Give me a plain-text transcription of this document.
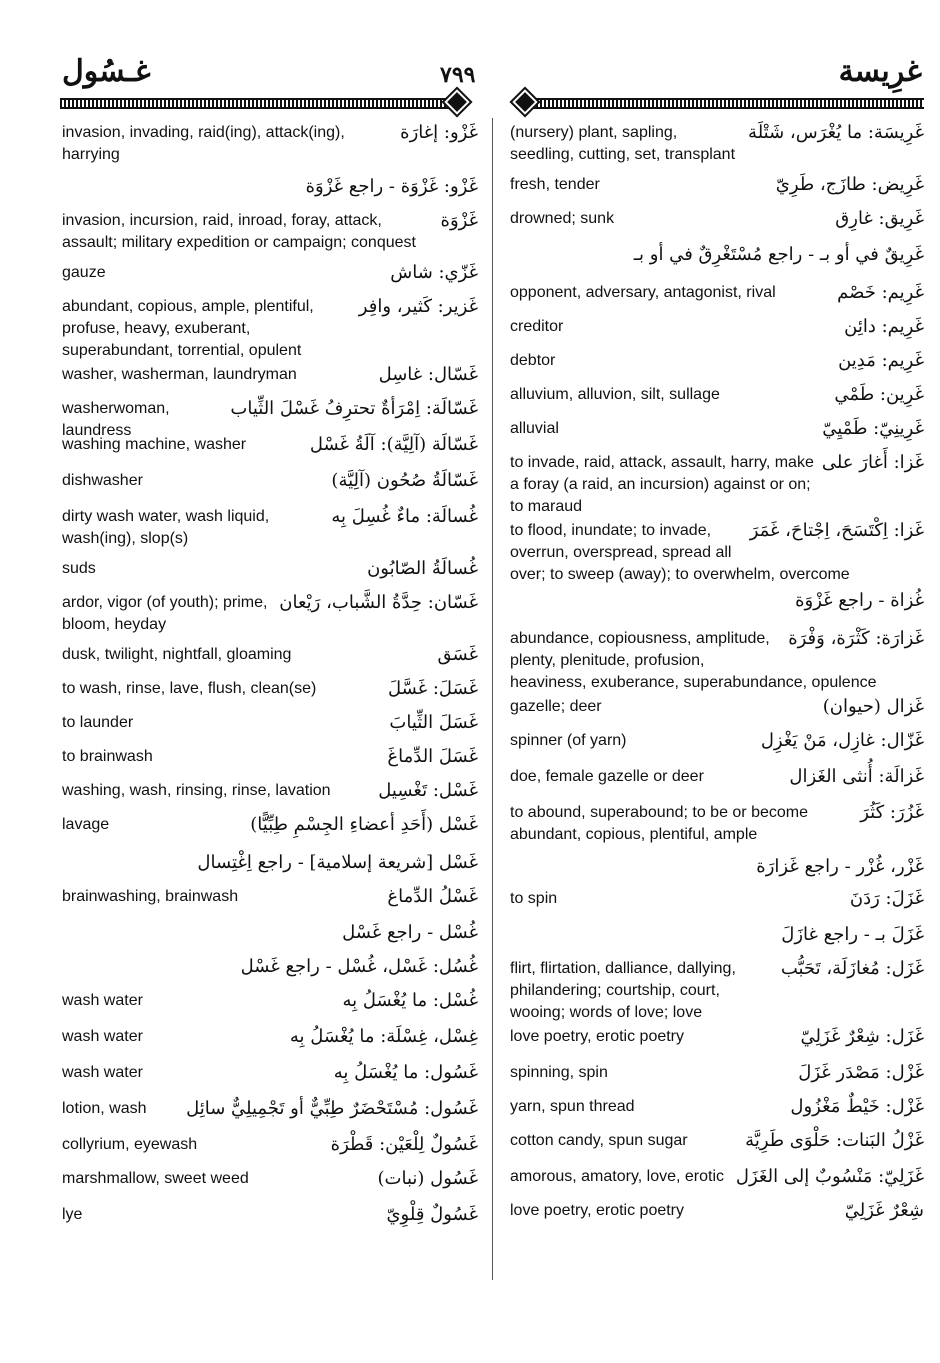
غـسُول	٧٩٩	غرِيسة
غَزْو: إغارَة
invasion, invading, raid(ing), attack(ing), harrying
غَزْو: غَزْوَة - راجع غَزْوَة
غَزْوَة
invasion, incursion, raid, inroad, foray, attack, assault; military expedition or campaign; conquest
غَزّي: شاش
gauze
غَزير: كَثير، وافِر
abundant, copious, ample, plentiful, profuse, heavy, exuberant, superabundant, torrential, opulent
غَسّال: غاسِل
washer, washerman, laundryman
غَسّالَة: اِمْرَأةٌ تحترِفُ غَسْلَ الثِّياب
washerwoman, laundress
غَسّالَة (آلِيَّة): آلَةُ غَسْل
washing machine, washer
غَسّالَةُ صُحُون (آلِيَّة)
dishwasher
غُسالَة: ماءٌ غُسِلَ بِه
dirty wash water, wash liquid, wash(ing), slop(s)
غُسالَةُ الصّابُون
suds
غَسّان: حِدَّةُ الشَّباب، رَيْعان
ardor, vigor (of youth); prime, bloom, heyday
غَسَق
dusk, twilight, nightfall, gloaming
غَسَلَ: غَسَّلَ
to wash, rinse, lave, flush, clean(se)
غَسَلَ الثِّيابَ
to launder
غَسَلَ الدِّماغَ
to brainwash
غَسْل: تَغْسِيل
washing, wash, rinsing, rinse, lavation
غَسْل (أَحَدِ أعضاءِ الجِسْمِ طِبِّيًّا)
lavage
غَسْل [شريعة إسلامية] - راجع اِغْتِسال
غَسْلُ الدِّماغ
brainwashing, brainwash
غُسْل - راجع غَسْل
غُسُل: غَسْل، غُسْل - راجع غَسْل
غُسْل: ما يُغْسَلُ بِه
wash water
غِسْل، غِسْلَة: ما يُغْسَلُ بِه
wash water
غَسُول: ما يُغْسَلُ بِه
wash water
غَسُول: مُسْتَحْضَرٌ طِبِّيٌّ أو تَجْمِيلِيٌّ سائِل
lotion, wash
غَسُولٌ لِلْعَيْن: قَطْرَة
collyrium, eyewash
غَسُول (نبات)
marshmallow, sweet weed
غَسُولٌ قِلْوِيّ
lye
غَرِيسَة: ما يُغْرَس، شَتْلَة
(nursery) plant, sapling, seedling, cutting, set, transplant
غَرِيض: طازَج، طَرِيّ
fresh, tender
غَرِيق: غارِق
drowned; sunk
غَرِيقٌ في أو بـ - راجع مُسْتَغْرِقٌ في أو بـ
غَرِيم: خَصْم
opponent, adversary, antagonist, rival
غَرِيم: دائِن
creditor
غَرِيم: مَدِين
debtor
غَرِين: طَمْي
alluvium, alluvion, silt, sullage
غَرِينِيّ: طَمْيِيّ
alluvial
غَزا: أَغارَ على
to invade, raid, attack, assault, harry, make a foray (a raid, an incursion) against or on; to maraud
غَزا: اِكْتَسَحَ، اِجْتاحَ، غَمَرَ
to flood, inundate; to invade, overrun, overspread, spread all over; to sweep (away); to overwhelm, overcome
غُزاة - راجع غَزْوَة
غَزارَة: كَثْرَة، وَفْرَة
abundance, copiousness, amplitude, plenty, plenitude, profusion, heaviness, exuberance, superabundance, opulence
غَزال (حيوان)
gazelle; deer
غَزّال: غازِل، مَنْ يَغْزِل
spinner (of yarn)
غَزالَة: أُنثى الغَزال
doe, female gazelle or deer
غَزُرَ: كَثُرَ
to abound, superabound; to be or become abundant, copious, plentiful, ample
غَزْر، غُزْر - راجع غَزارَة
غَزَلَ: رَدَنَ
to spin
غَزَلَ بـ - راجع غازَلَ
غَزَل: مُغازَلَة، تَحَبُّب
flirt, flirtation, dalliance, dallying, philandering; courtship, court, wooing; words of love; love
غَزَل: شِعْرٌ غَزَلِيّ
love poetry, erotic poetry
غَزْل: مَصْدَر غَزَلَ
spinning, spin
غَزْل: خَيْطٌ مَغْزُول
yarn, spun thread
غَزْلُ البَنات: حَلْوَى طَرِيَّة
cotton candy, spun sugar
غَزَلِيّ: مَنْسُوبٌ إلى الغَزَل
amorous, amatory, love, erotic
شِعْرٌ غَزَلِيّ
love poetry, erotic poetry
